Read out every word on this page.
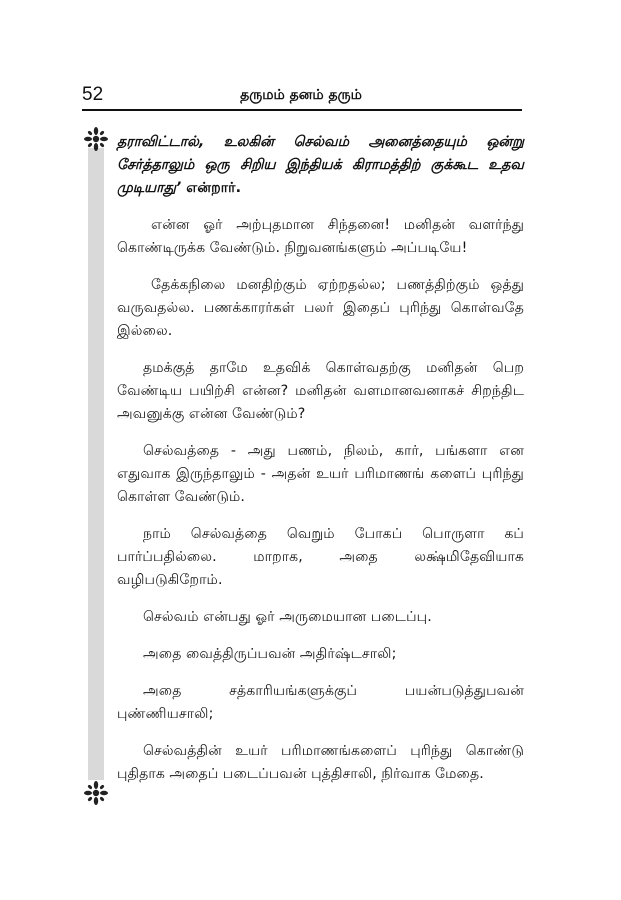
52	தருமம் தனம் தரும்

தராவிட்டால், உலகின் செல்வம் அனைத்தையும் ஒன்று சேர்த்தாலும் ஒரு சிறிய இந்தியக் கிராமத்திற் குக்கூட உதவ முடியாது’ என்றார்.

என்ன ஓர் அற்புதமான சிந்தனை! மனிதன் வளர்ந்து கொண்டிருக்க வேண்டும். நிறுவனங்களும் அப்படியே!

தேக்கநிலை மனதிற்கும் ஏற்றதல்ல; பணத்திற்கும் ஒத்து வருவதல்ல. பணக்காரர்கள் பலர் இதைப் புரிந்து கொள்வதே இல்லை.

தமக்குத் தாமே உதவிக் கொள்வதற்கு மனிதன் பெற வேண்டிய பயிற்சி என்ன? மனிதன் வளமானவனாகச் சிறந்திட அவனுக்கு என்ன வேண்டும்?

செல்வத்தை - அது பணம், நிலம், கார், பங்களா என எதுவாக இருந்தாலும் - அதன் உயர் பரிமாணங் களைப் புரிந்து கொள்ள வேண்டும்.

நாம் செல்வத்தை வெறும் போகப் பொருளா கப் பார்ப்பதில்லை. மாறாக, அதை லக்ஷ்மிதேவியாக வழிபடுகிறோம்.

செல்வம் என்பது ஓர் அருமையான படைப்பு.

அதை வைத்திருப்பவன் அதிர்ஷ்டசாலி;

அதை சத்காரியங்களுக்குப் பயன்படுத்துபவன் புண்ணியசாலி;

செல்வத்தின் உயர் பரிமாணங்களைப் புரிந்து கொண்டு புதிதாக அதைப் படைப்பவன் புத்திசாலி, நிர்வாக மேதை.
